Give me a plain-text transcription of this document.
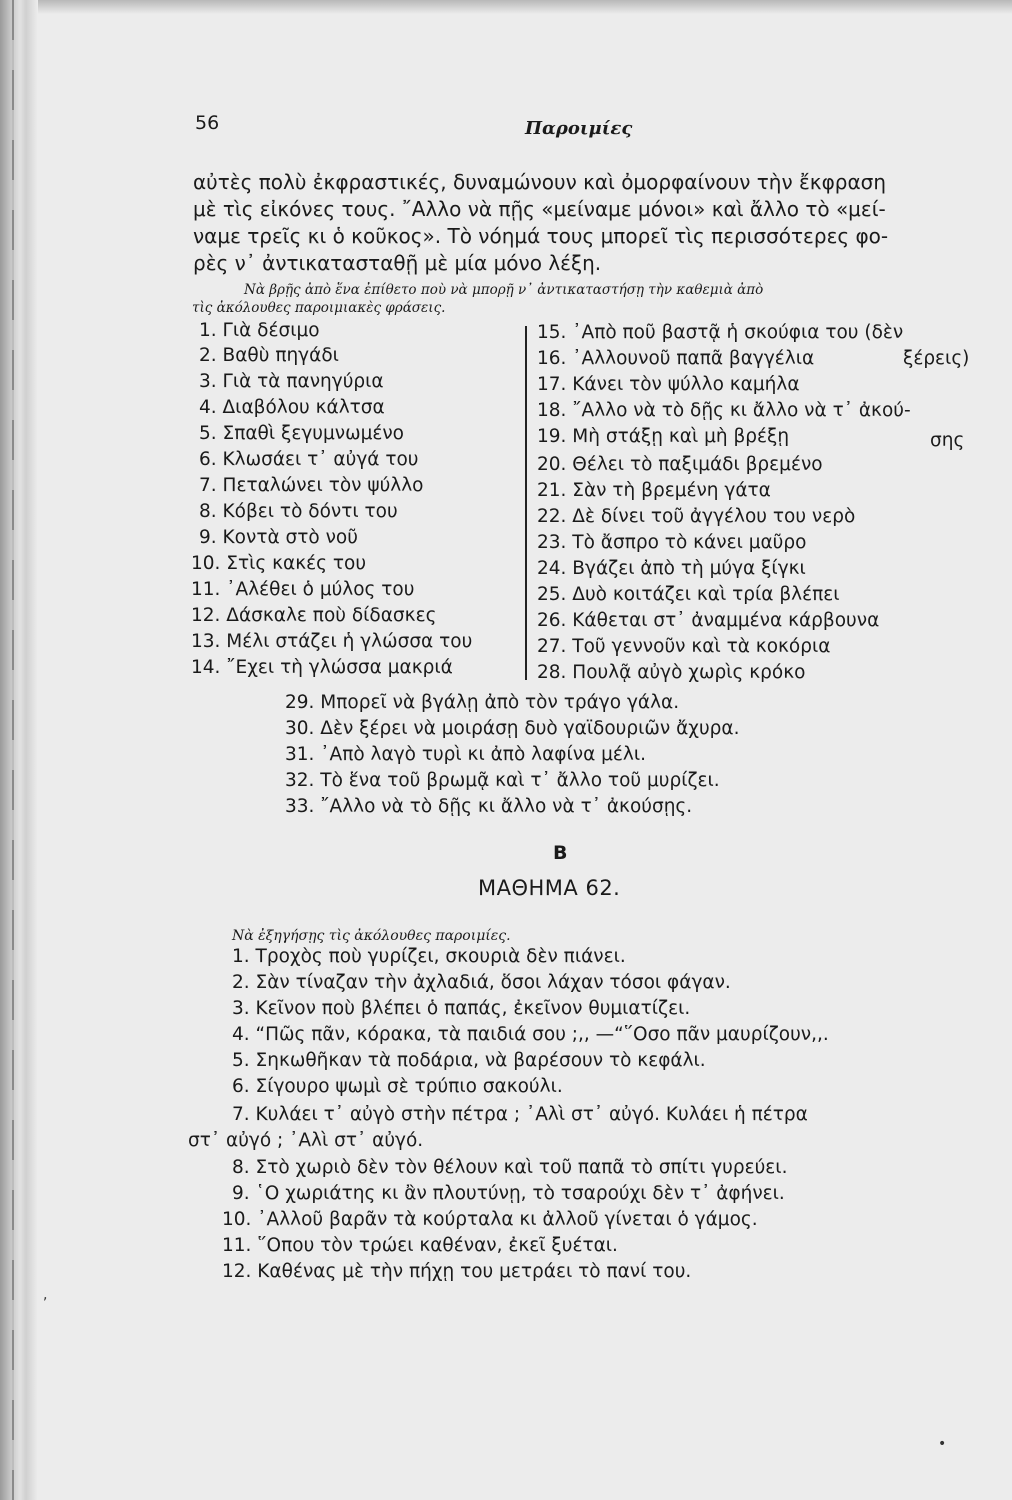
56	Παροιμίες
αὐτὲς πολὺ ἐκφραστικές, δυναμώνουν καὶ ὀμορφαίνουν τὴν ἔκφραση
μὲ τὶς εἰκόνες τους. ῎Αλλο νὰ πῇς «μείναμε μόνοι» καὶ ἄλλο τὸ «μεί-
ναμε τρεῖς κι ὁ κοῦκος». Τὸ νόημά τους μπορεῖ τὶς περισσότερες φο-
ρὲς ν᾽ ἀντικατασταθῇ μὲ μία μόνο λέξη.
Νὰ βρῇς ἀπὸ ἕνα ἐπίθετο ποὺ νὰ μπορῇ ν᾽ ἀντικαταστήσῃ τὴν καθεμιὰ ἀπὸ
τὶς ἀκόλουθες παροιμιακὲς φράσεις.
1. Γιὰ δέσιμο
2. Βαθὺ πηγάδι
3. Γιὰ τὰ πανηγύρια
4. Διαβόλου κάλτσα
5. Σπαθὶ ξεγυμνωμένο
6. Κλωσάει τ᾽ αὐγά του
7. Πεταλώνει τὸν ψύλλο
8. Κόβει τὸ δόντι του
9. Κοντὰ στὸ νοῦ
10. Στὶς κακές του
11. ᾿Αλέθει ὁ μύλος του
12. Δάσκαλε ποὺ δίδασκες
13. Μέλι στάζει ἡ γλώσσα του
14. ῎Εχει τὴ γλώσσα μακριά
15. ᾿Απὸ ποῦ βαστᾷ ἡ σκούφια του (δὲν
16. ᾿Αλλουνοῦ παπᾶ βαγγέλια	ξέρεις)
17. Κάνει τὸν ψύλλο καμήλα
18. ῎Αλλο νὰ τὸ δῇς κι ἄλλο νὰ τ᾽ ἀκού-
19. Μὴ στάξῃ καὶ μὴ βρέξῃ	σης
20. Θέλει τὸ παξιμάδι βρεμένο
21. Σὰν τὴ βρεμένη γάτα
22. Δὲ δίνει τοῦ ἀγγέλου του νερὸ
23. Τὸ ἄσπρο τὸ κάνει μαῦρο
24. Βγάζει ἀπὸ τὴ μύγα ξίγκι
25. Δυὸ κοιτάζει καὶ τρία βλέπει
26. Κάθεται στ᾽ ἀναμμένα κάρβουνα
27. Τοῦ γεννοῦν καὶ τὰ κοκόρια
28. Πουλᾷ αὐγὸ χωρὶς κρόκο
29. Μπορεῖ νὰ βγάλῃ ἀπὸ τὸν τράγο γάλα.
30. Δὲν ξέρει νὰ μοιράσῃ δυὸ γαϊδουριῶν ἄχυρα.
31. ᾿Απὸ λαγὸ τυρὶ κι ἀπὸ λαφίνα μέλι.
32. Τὸ ἕνα τοῦ βρωμᾷ καὶ τ᾽ ἄλλο τοῦ μυρίζει.
33. ῎Αλλο νὰ τὸ δῇς κι ἄλλο νὰ τ᾽ ἀκούσῃς.
Β
ΜΑΘΗΜΑ 62.
Νὰ ἐξηγήσῃς τὶς ἀκόλουθες παροιμίες.
1. Τροχὸς ποὺ γυρίζει, σκουριὰ δὲν πιάνει.
2. Σὰν τίναζαν τὴν ἀχλαδιά, ὅσοι λάχαν τόσοι φάγαν.
3. Κεῖνον ποὺ βλέπει ὁ παπάς, ἐκεῖνον θυμιατίζει.
4. “Πῶς πᾶν, κόρακα, τὰ παιδιά σου ;,, —“῞Οσο πᾶν μαυρίζουν,,.
5. Σηκωθῆκαν τὰ ποδάρια, νὰ βαρέσουν τὸ κεφάλι.
6. Σίγουρο ψωμὶ σὲ τρύπιο σακούλι.
7. Κυλάει τ᾽ αὐγὸ στὴν πέτρα ; ᾿Αλὶ στ᾽ αὐγό. Κυλάει ἡ πέτρα
στ᾽ αὐγό ; ᾿Αλὶ στ᾽ αὐγό.
8. Στὸ χωριὸ δὲν τὸν θέλουν καὶ τοῦ παπᾶ τὸ σπίτι γυρεύει.
9. ῾Ο χωριάτης κι ἂν πλουτύνῃ, τὸ τσαρούχι δὲν τ᾽ ἀφήνει.
10. ᾿Αλλοῦ βαρᾶν τὰ κούρταλα κι ἀλλοῦ γίνεται ὁ γάμος.
11. ῞Οπου τὸν τρώει καθέναν, ἐκεῖ ξυέται.
12. Καθένας μὲ τὴν πήχῃ του μετράει τὸ πανί του.
,
•
